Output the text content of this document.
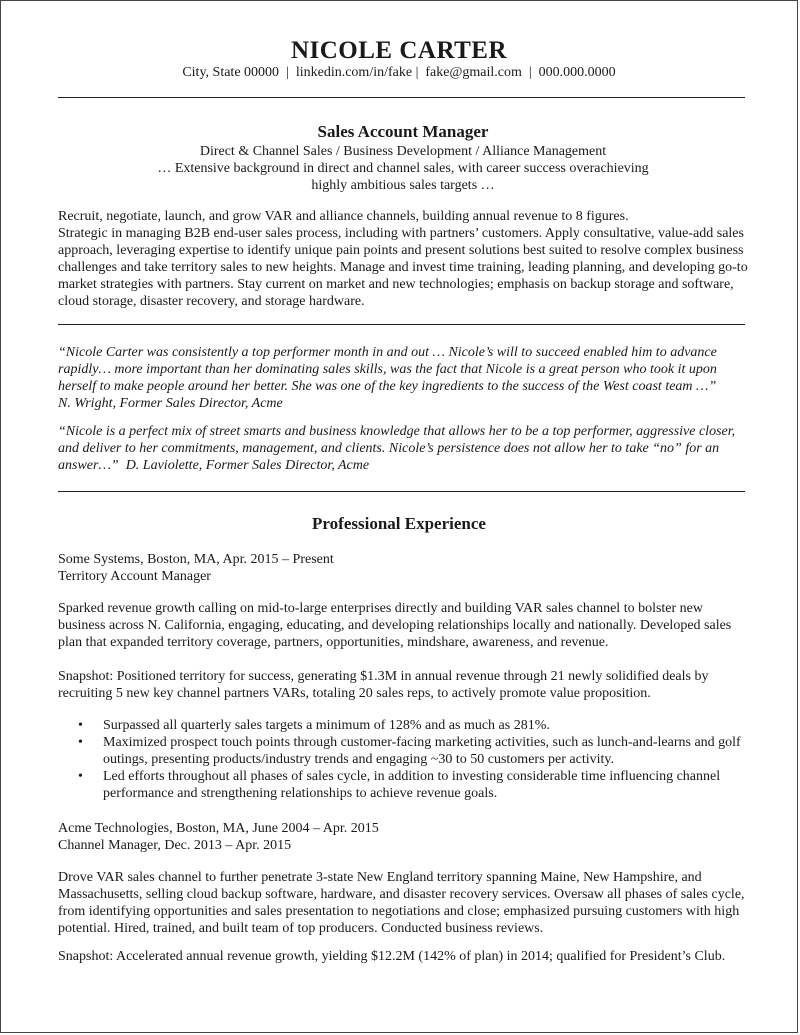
NICOLE CARTER
City, State 00000  |  linkedin.com/in/fake |  fake@gmail.com  |  000.000.0000
Sales Account Manager
Direct & Channel Sales / Business Development / Alliance Management
… Extensive background in direct and channel sales, with career success overachieving
highly ambitious sales targets …

Recruit, negotiate, launch, and grow VAR and alliance channels, building annual revenue to 8 figures.

Strategic in managing B2B end-user sales process, including with partners’ customers. Apply consultative, value-add sales approach, leveraging expertise to identify unique pain points and present solutions best suited to resolve complex business challenges and take territory sales to new heights. Manage and invest time training, leading planning, and developing go-to market strategies with partners. Stay current on market and new technologies; emphasis on backup storage and software, cloud storage, disaster recovery, and storage hardware.

“Nicole Carter was consistently a top performer month in and out … Nicole’s will to succeed enabled him to advance rapidly… more important than her dominating sales skills, was the fact that Nicole is a great person who took it upon herself to make people around her better. She was one of the key ingredients to the success of the West coast team …”
N. Wright, Former Sales Director, Acme

“Nicole is a perfect mix of street smarts and business knowledge that allows her to be a top performer, aggressive closer, and deliver to her commitments, management, and clients. Nicole’s persistence does not allow her to take “no” for an answer…” D. Laviolette, Former Sales Director, Acme

Professional Experience

Some Systems, Boston, MA, Apr. 2015 – Present

Territory Account Manager

Sparked revenue growth calling on mid-to-large enterprises directly and building VAR sales channel to bolster new business across N. California, engaging, educating, and developing relationships locally and nationally. Developed sales plan that expanded territory coverage, partners, opportunities, mindshare, awareness, and revenue.

Snapshot: Positioned territory for success, generating $1.3M in annual revenue through 21 newly solidified deals by recruiting 5 new key channel partners VARs, totaling 20 sales reps, to actively promote value proposition.

• Surpassed all quarterly sales targets a minimum of 128% and as much as 281%.
• Maximized prospect touch points through customer-facing marketing activities, such as lunch-and-learns and golf outings, presenting products/industry trends and engaging ~30 to 50 customers per activity.
• Led efforts throughout all phases of sales cycle, in addition to investing considerable time influencing channel performance and strengthening relationships to achieve revenue goals.

Acme Technologies, Boston, MA, June 2004 – Apr. 2015

Channel Manager, Dec. 2013 – Apr. 2015

Drove VAR sales channel to further penetrate 3-state New England territory spanning Maine, New Hampshire, and Massachusetts, selling cloud backup software, hardware, and disaster recovery services. Oversaw all phases of sales cycle, from identifying opportunities and sales presentation to negotiations and close; emphasized pursuing customers with high potential. Hired, trained, and built team of top producers. Conducted business reviews.

Snapshot: Accelerated annual revenue growth, yielding $12.2M (142% of plan) in 2014; qualified for President’s Club.
